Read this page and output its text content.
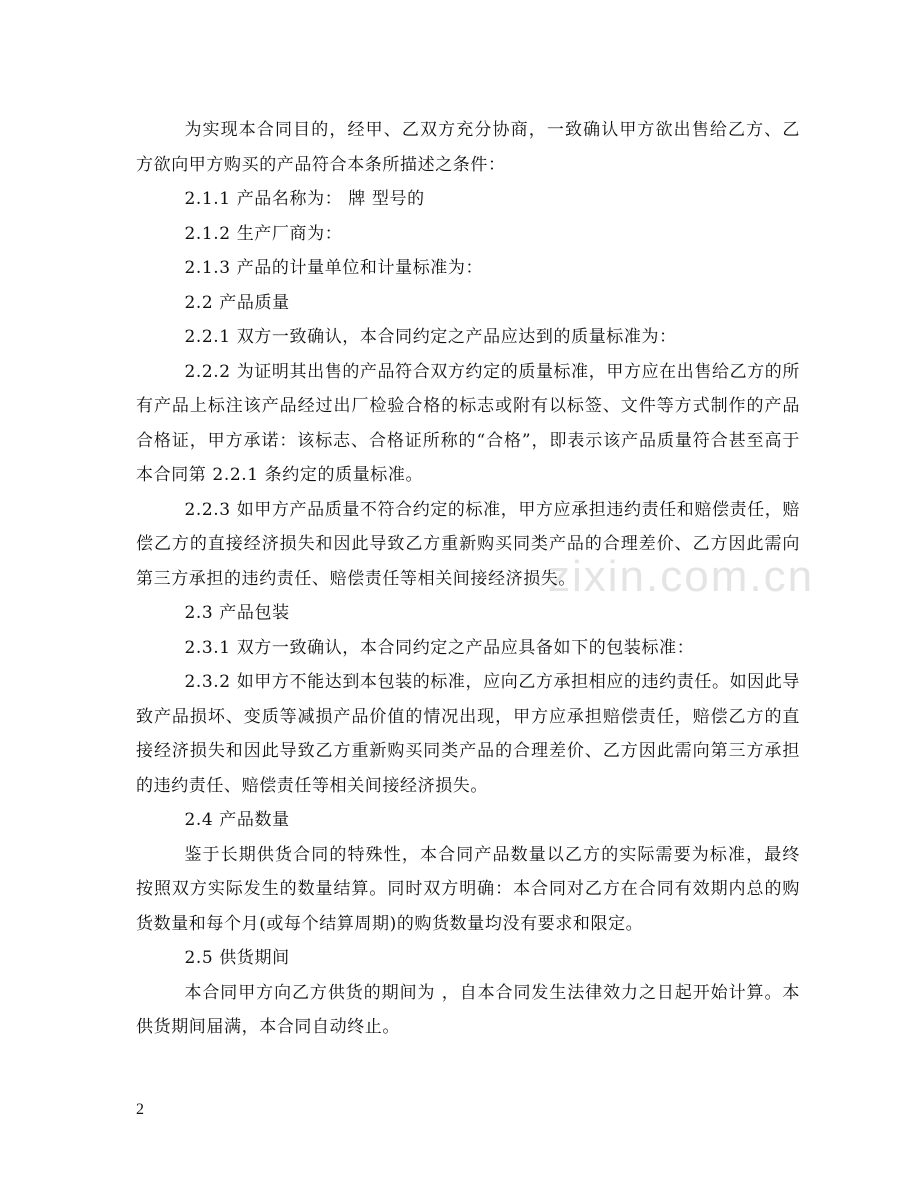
zixin.com.cn

为实现本合同目的，经甲、乙双方充分协商，一致确认甲方欲出售给乙方、乙方欲向甲方购买的产品符合本条所描述之条件：

2.1.1 产品名称为： 牌 型号的

2.1.2 生产厂商为：

2.1.3 产品的计量单位和计量标准为：

2.2 产品质量

2.2.1 双方一致确认，本合同约定之产品应达到的质量标准为：

2.2.2 为证明其出售的产品符合双方约定的质量标准，甲方应在出售给乙方的所有产品上标注该产品经过出厂检验合格的标志或附有以标签、文件等方式制作的产品合格证，甲方承诺：该标志、合格证所称的“合格”，即表示该产品质量符合甚至高于本合同第 2.2.1 条约定的质量标准。

2.2.3 如甲方产品质量不符合约定的标准，甲方应承担违约责任和赔偿责任，赔偿乙方的直接经济损失和因此导致乙方重新购买同类产品的合理差价、乙方因此需向第三方承担的违约责任、赔偿责任等相关间接经济损失。

2.3 产品包装

2.3.1 双方一致确认，本合同约定之产品应具备如下的包装标准：

2.3.2 如甲方不能达到本包装的标准，应向乙方承担相应的违约责任。如因此导致产品损坏、变质等减损产品价值的情况出现，甲方应承担赔偿责任，赔偿乙方的直接经济损失和因此导致乙方重新购买同类产品的合理差价、乙方因此需向第三方承担的违约责任、赔偿责任等相关间接经济损失。

2.4 产品数量

鉴于长期供货合同的特殊性，本合同产品数量以乙方的实际需要为标准，最终按照双方实际发生的数量结算。同时双方明确：本合同对乙方在合同有效期内总的购货数量和每个月(或每个结算周期)的购货数量均没有要求和限定。

2.5 供货期间

本合同甲方向乙方供货的期间为 ，自本合同发生法律效力之日起开始计算。本供货期间届满，本合同自动终止。

2
